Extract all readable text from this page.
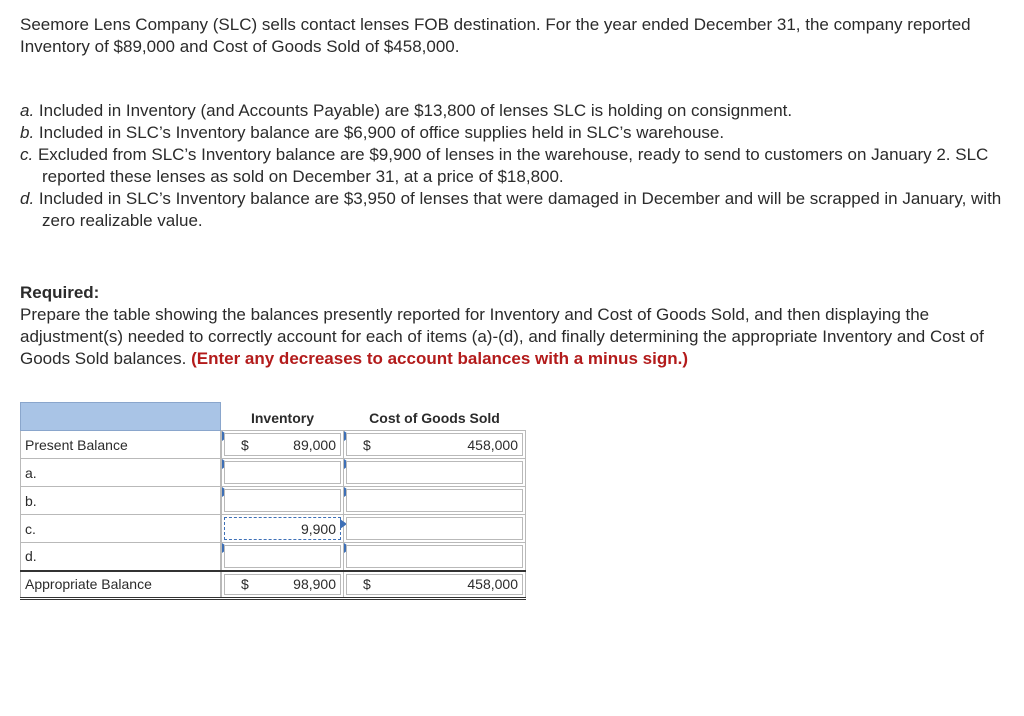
Seemore Lens Company (SLC) sells contact lenses FOB destination. For the year ended December 31, the company reported Inventory of $89,000 and Cost of Goods Sold of $458,000.

a. Included in Inventory (and Accounts Payable) are $13,800 of lenses SLC is holding on consignment.

b. Included in SLC’s Inventory balance are $6,900 of office supplies held in SLC’s warehouse.

c. Excluded from SLC’s Inventory balance are $9,900 of lenses in the warehouse, ready to send to customers on January 2. SLC reported these lenses as sold on December 31, at a price of $18,800.

d. Included in SLC’s Inventory balance are $3,950 of lenses that were damaged in December and will be scrapped in January, with zero realizable value.

Required:

Prepare the table showing the balances presently reported for Inventory and Cost of Goods Sold, and then displaying the adjustment(s) needed to correctly account for each of items (a)-(d), and finally determining the appropriate Inventory and Cost of Goods Sold balances. (Enter any decreases to account balances with a minus sign.)

		Inventory	Cost of Goods Sold
Present Balance		$ 89,000	$ 458,000

a.		

b.		

c.		9,900	

d.		

Appropriate Balance		$ 98,900	$ 458,000
